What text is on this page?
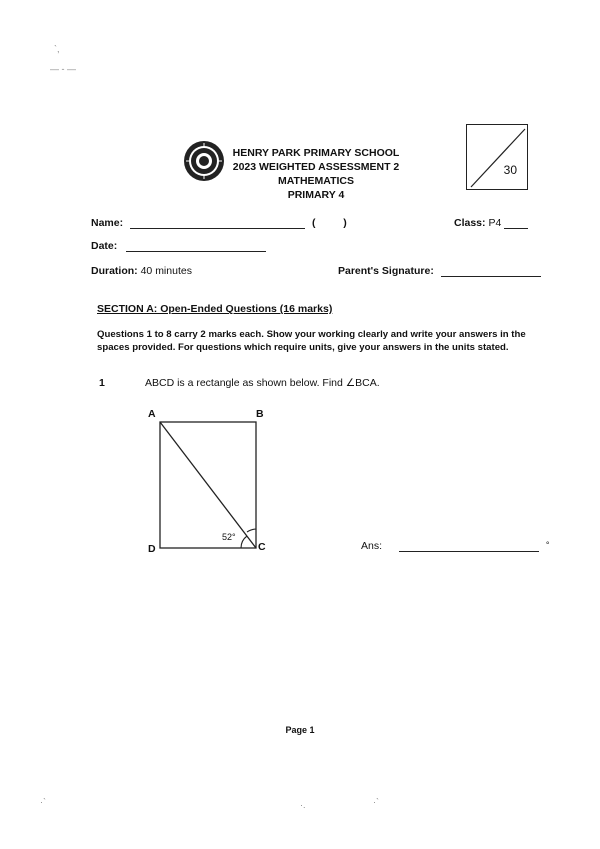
`,
— - —
·`	·.	·`
HENRY PARK PRIMARY SCHOOL
2023 WEIGHTED ASSESSMENT 2
MATHEMATICS
PRIMARY 4
30
Name:	(	)	Class: P4
Date:
Duration: 40 minutes	Parent's Signature:
SECTION A: Open-Ended Questions (16 marks)
Questions 1 to 8 carry 2 marks each. Show your working clearly and write your answers in the spaces provided. For questions which require units, give your answers in the units stated.
1	ABCD is a rectangle as shown below. Find ∠BCA.
A	B
C
D
52°
Ans:	°
Page 1
